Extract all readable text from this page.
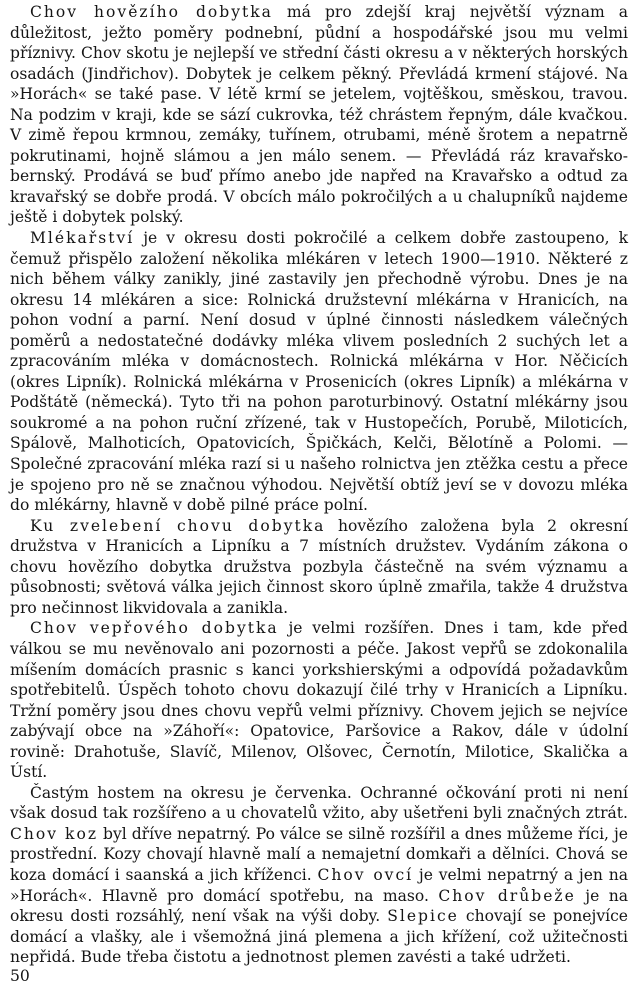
Chov hovězího dobytka má pro zdejší kraj největší význam a důležitost, ježto poměry podnební, půdní a hospodářské jsou mu velmi příznivy. Chov skotu je nejlepší ve střední části okresu a v některých horských osadách (Jindřichov). Dobytek je celkem pěkný. Převládá krmení stájové. Na »Horách« se také pase. V létě krmí se jetelem, vojtěškou, směskou, travou. Na podzim v kraji, kde se sází cukrovka, též chrástem řepným, dále kvačkou. V zimě řepou krmnou, zemáky, tuřínem, otrubami, méně šrotem a nepatrně pokrutinami, hojně slámou a jen málo senem. — Převládá ráz kravařsko-bernský. Prodává se buď přímo anebo jde napřed na Kravařsko a odtud za kravařský se dobře prodá. V obcích málo pokročilých a u chalupníků najdeme ještě i dobytek polský.

Mlékařství je v okresu dosti pokročilé a celkem dobře zastoupeno, k čemuž přispělo založení několika mlékáren v letech 1900—1910. Některé z nich během války zanikly, jiné zastavily jen přechodně výrobu. Dnes je na okresu 14 mlékáren a sice: Rolnická družstevní mlékárna v Hranicích, na pohon vodní a parní. Není dosud v úplné činnosti následkem válečných poměrů a nedostatečné dodávky mléka vlivem posledních 2 suchých let a zpracováním mléka v domácnostech. Rolnická mlékárna v Hor. Něčicích (okres Lipník). Rolnická mlékárna v Prosenicích (okres Lipník) a mlékárna v Podštátě (německá). Tyto tři na pohon paroturbinový. Ostatní mlékárny jsou soukromé a na pohon ruční zřízené, tak v Hustopečích, Porubě, Miloticích, Spálově, Malhoticích, Opatovicích, Špičkách, Kelči, Bělotíně a Polomi. — Společné zpracování mléka razí si u našeho rolnictva jen ztěžka cestu a přece je spojeno pro ně se značnou výhodou. Největší obtíž jeví se v dovozu mléka do mlékárny, hlavně v době pilné práce polní.

Ku zvelebení chovu dobytka hovězího založena byla 2 okresní družstva v Hranicích a Lipníku a 7 místních družstev. Vydáním zákona o chovu hovězího dobytka družstva pozbyla částečně na svém významu a působnosti; světová válka jejich činnost skoro úplně zmařila, takže 4 družstva pro nečinnost likvidovala a zanikla.

Chov vepřového dobytka je velmi rozšířen. Dnes i tam, kde před válkou se mu nevěnovalo ani pozornosti a péče. Jakost vepřů se zdokonalila míšením domácích prasnic s kanci yorkshierskými a odpovídá požadavkům spotřebitelů. Úspěch tohoto chovu dokazují čilé trhy v Hranicích a Lipníku. Tržní poměry jsou dnes chovu vepřů velmi příznivy. Chovem jejich se nejvíce zabývají obce na »Záhoří«: Opatovice, Paršovice a Rakov, dále v údolní rovině: Drahotuše, Slavíč, Milenov, Olšovec, Černotín, Milotice, Skalička a Ústí.

Častým hostem na okresu je červenka. Ochranné očkování proti ni není však dosud tak rozšířeno a u chovatelů vžito, aby ušetřeni byli značných ztrát. Chov koz byl dříve nepatrný. Po válce se silně rozšířil a dnes můžeme říci, je prostřední. Kozy chovají hlavně malí a nemajetní domkaři a dělníci. Chová se koza domácí i saanská a jich kříženci. Chov ovcí je velmi nepatrný a jen na »Horách«. Hlavně pro domácí spotřebu, na maso. Chov drůbeže je na okresu dosti rozsáhlý, není však na výši doby. Slepice chovají se ponejvíce domácí a vlašky, ale i všemožná jiná plemena a jich křížení, což užitečnosti nepřidá. Bude třeba čistotu a jednotnost plemen zavésti a také udržeti.

50
